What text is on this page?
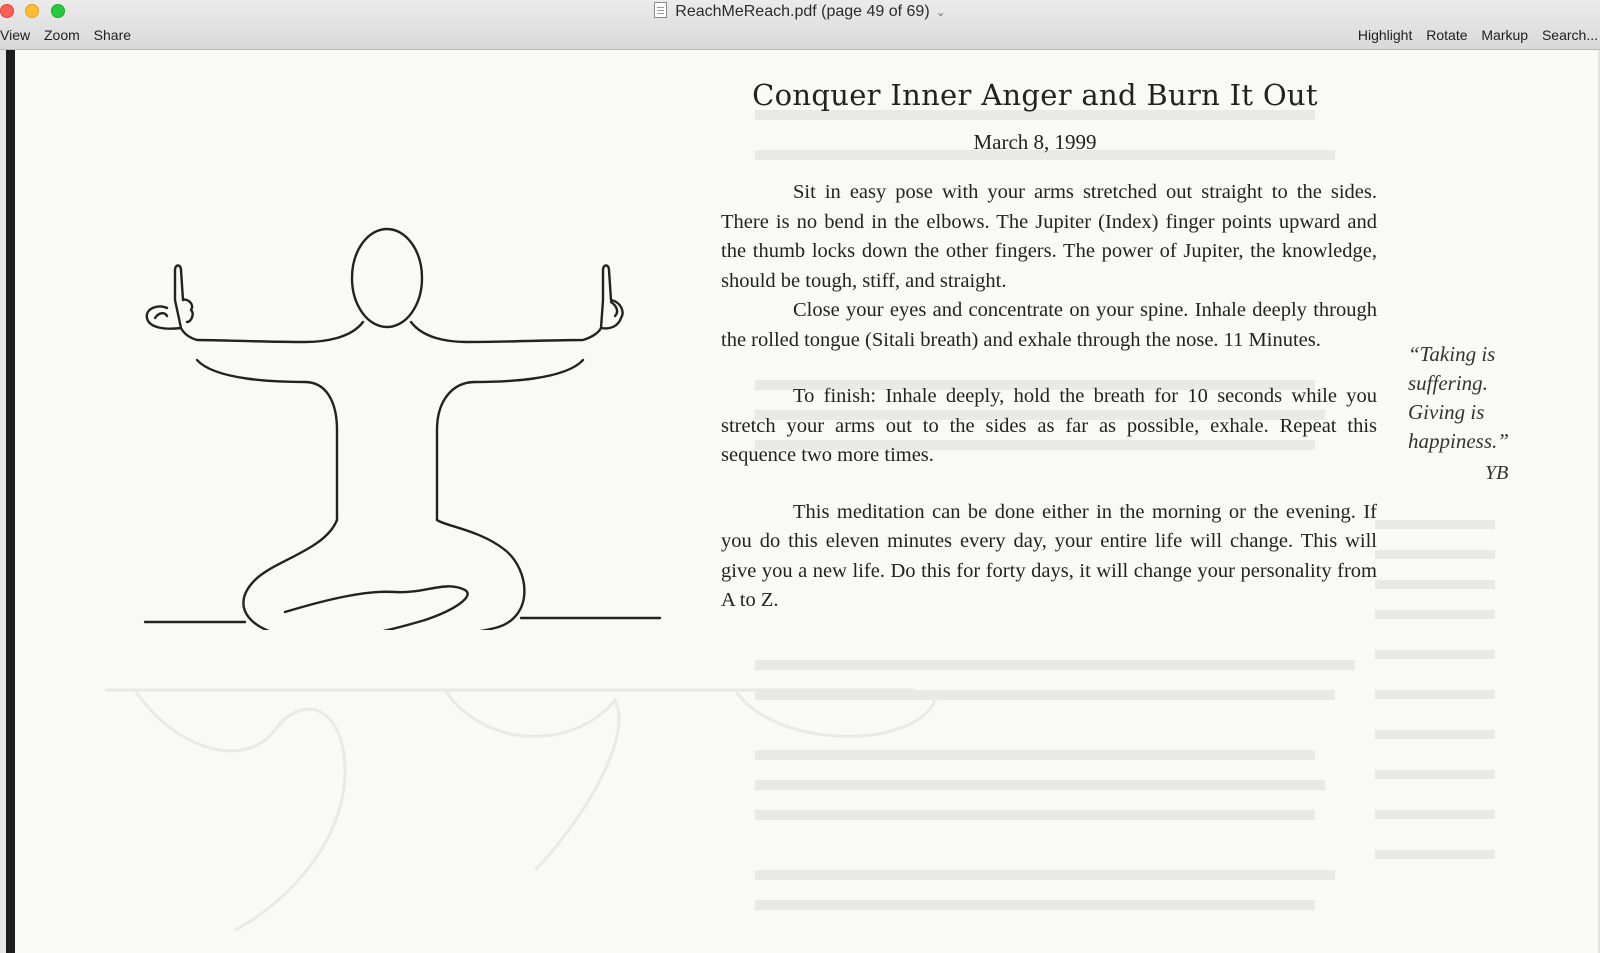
ReachMeReach.pdf (page 49 of 69) ⌄
View Zoom Share	Highlight Rotate Markup Search...
Conquer Inner Anger and Burn It Out
March 8, 1999

Sit in easy pose with your arms stretched out straight to the sides. There is no bend in the elbows. The Jupiter (Index) finger points upward and the thumb locks down the other fingers. The power of Jupiter, the knowledge, should be tough, stiff, and straight.

Close your eyes and concentrate on your spine. Inhale deeply through the rolled tongue (Sitali breath) and exhale through the nose. 11 Minutes.

To finish: Inhale deeply, hold the breath for 10 seconds while you stretch your arms out to the sides as far as possible, exhale. Repeat this sequence two more times.

This meditation can be done either in the morning or the evening. If you do this eleven minutes every day, your entire life will change. This will give you a new life. Do this for forty days, it will change your personality from A to Z.

“Taking is
suffering.
Giving is
happiness.”
YB
